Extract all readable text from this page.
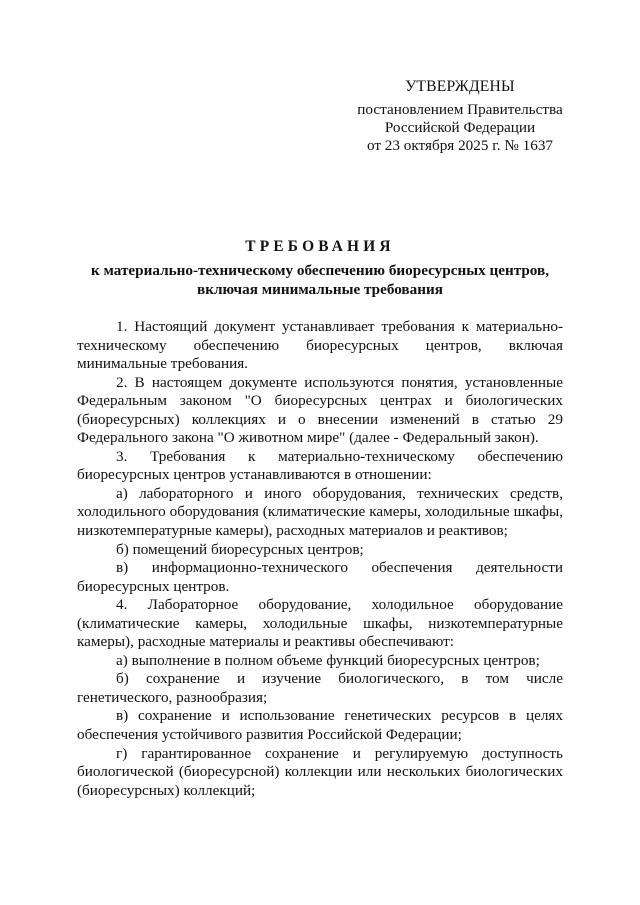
УТВЕРЖДЕНЫ
постановлением Правительства
Российской Федерации
от 23 октября 2025 г. № 1637
ТРЕБОВАНИЯ
к материально-техническому обеспечению биоресурсных центров,
включая минимальные требования

1. Настоящий документ устанавливает требования к материально-техническому обеспечению биоресурсных центров, включая минимальные требования.

2. В настоящем документе используются понятия, установленные Федеральным законом "О биоресурсных центрах и биологических (биоресурсных) коллекциях и о внесении изменений в статью 29 Федерального закона "О животном мире" (далее - Федеральный закон).

3. Требования к материально-техническому обеспечению биоресурсных центров устанавливаются в отношении:

а) лабораторного и иного оборудования, технических средств, холодильного оборудования (климатические камеры, холодильные шкафы, низкотемпературные камеры), расходных материалов и реактивов;

б) помещений биоресурсных центров;

в) информационно-технического обеспечения деятельности биоресурсных центров.

4. Лабораторное оборудование, холодильное оборудование (климатические камеры, холодильные шкафы, низкотемпературные камеры), расходные материалы и реактивы обеспечивают:

а) выполнение в полном объеме функций биоресурсных центров;

б) сохранение и изучение биологического, в том числе генетического, разнообразия;

в) сохранение и использование генетических ресурсов в целях обеспечения устойчивого развития Российской Федерации;

г) гарантированное сохранение и регулируемую доступность биологической (биоресурсной) коллекции или нескольких биологических (биоресурсных) коллекций;
